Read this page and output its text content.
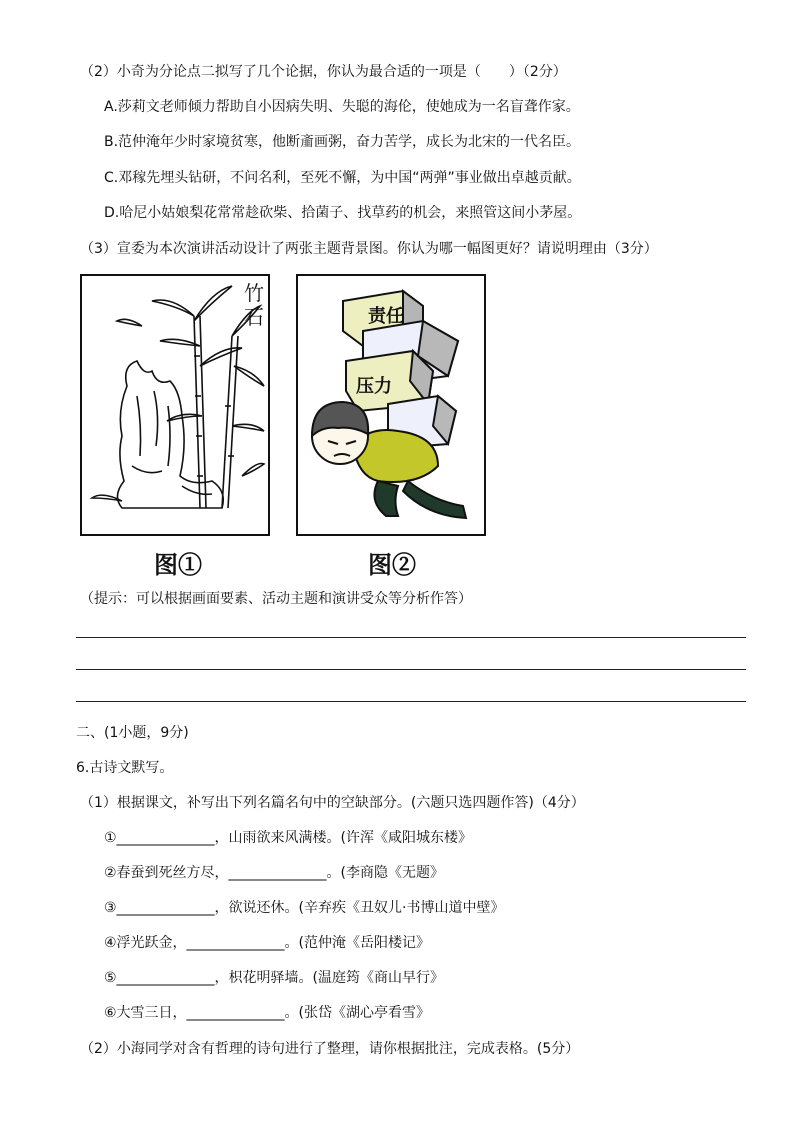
（2）小奇为分论点二拟写了几个论据，你认为最合适的一项是（　　）（2分）
A.莎莉文老师倾力帮助自小因病失明、失聪的海伦，使她成为一名盲聋作家。
B.范仲淹年少时家境贫寒，他断齑画粥，奋力苦学，成长为北宋的一代名臣。
C.邓稼先埋头钻研，不问名利，至死不懈，为中国“两弹”事业做出卓越贡献。
D.哈尼小姑娘梨花常常趁砍柴、拾菌子、找草药的机会，来照管这间小茅屋。
（3）宣委为本次演讲活动设计了两张主题背景图。你认为哪一幅图更好？请说明理由（3分）
竹
石	责任
压力
图①	图②
（提示：可以根据画面要素、活动主题和演讲受众等分析作答）
二、(1小题，9分)
6.古诗文默写。
（1）根据课文，补写出下列名篇名句中的空缺部分。(六题只选四题作答)（4分）
①______________，山雨欲来风满楼。(许浑《咸阳城东楼》
②春蚕到死丝方尽，______________。(李商隐《无题》
③______________，欲说还休。(辛弃疾《丑奴儿·书博山道中壁》
④浮光跃金，______________。(范仲淹《岳阳楼记》
⑤______________，枳花明驿墙。(温庭筠《商山早行》
⑥大雪三日，______________。(张岱《湖心亭看雪》
（2）小海同学对含有哲理的诗句进行了整理，请你根据批注，完成表格。(5分）
